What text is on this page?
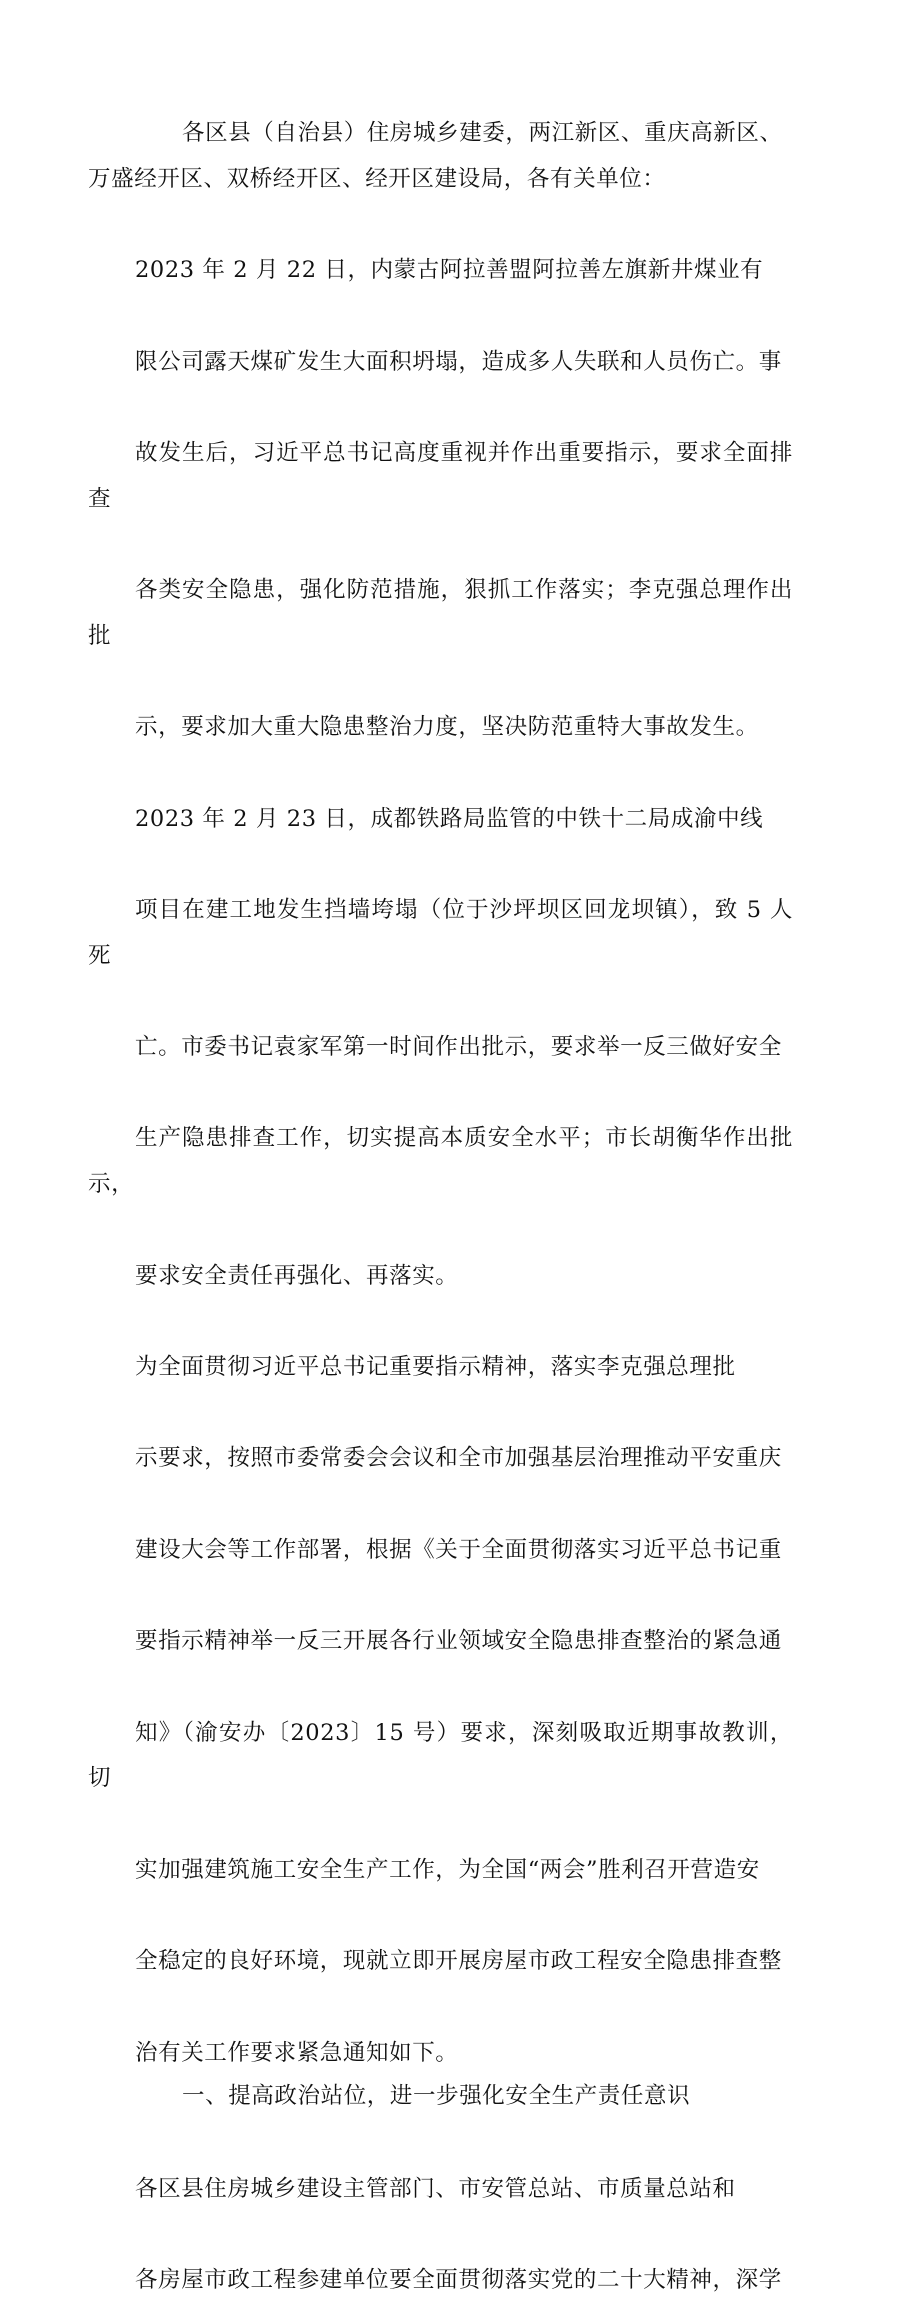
各区县（自治县）住房城乡建委，两江新区、重庆高新区、
万盛经开区、双桥经开区、经开区建设局，各有关单位：

2023 年 2 月 22 日，内蒙古阿拉善盟阿拉善左旗新井煤业有

限公司露天煤矿发生大面积坍塌，造成多人失联和人员伤亡。事

故发生后，习近平总书记高度重视并作出重要指示，要求全面排查

各类安全隐患，强化防范措施，狠抓工作落实；李克强总理作出批

示，要求加大重大隐患整治力度，坚决防范重特大事故发生。

2023 年 2 月 23 日，成都铁路局监管的中铁十二局成渝中线

项目在建工地发生挡墙垮塌（位于沙坪坝区回龙坝镇），致 5 人死

亡。市委书记袁家军第一时间作出批示，要求举一反三做好安全

生产隐患排查工作，切实提高本质安全水平；市长胡衡华作出批示，

要求安全责任再强化、再落实。

为全面贯彻习近平总书记重要指示精神，落实李克强总理批

示要求，按照市委常委会会议和全市加强基层治理推动平安重庆

建设大会等工作部署，根据《关于全面贯彻落实习近平总书记重

要指示精神举一反三开展各行业领域安全隐患排查整治的紧急通

知》（渝安办〔2023〕15 号）要求，深刻吸取近期事故教训，切

实加强建筑施工安全生产工作，为全国“两会”胜利召开营造安

全稳定的良好环境，现就立即开展房屋市政工程安全隐患排查整

治有关工作要求紧急通知如下。

一、提高政治站位，进一步强化安全生产责任意识

各区县住房城乡建设主管部门、市安管总站、市质量总站和

各房屋市政工程参建单位要全面贯彻落实党的二十大精神，深学
